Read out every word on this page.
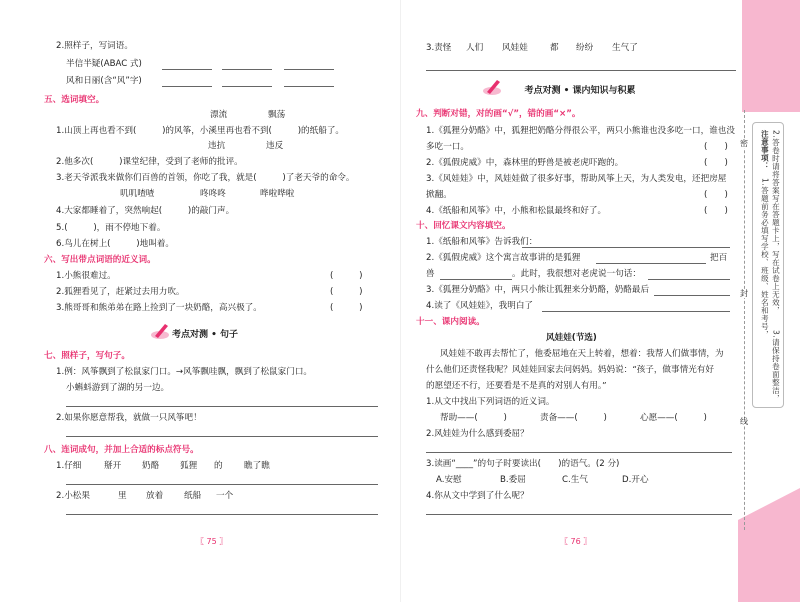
2.照样子，写词语。
半信半疑(ABAC 式)
风和日丽(含“风”字)
五、选词填空。
漂流	飘荡
1.山顶上再也看不到(　　　)的风筝，小溪里再也看不到(　　　)的纸船了。
违抗	违反
2.他多次(　　　)课堂纪律，受到了老师的批评。
3.老天爷派我来做你们百兽的首领，你吃了我，就是(　　　)了老天爷的命令。
叽叽喳喳	咚咚咚	哗啦哗啦
4.大家都睡着了，突然响起(　　　)的敲门声。
5.(　　　)，雨不停地下着。
6.鸟儿在树上(　　　)地叫着。
六、写出带点词语的近义词。
1.小熊很难过。	(　　　)
2.狐狸看见了，赶紧过去用力吹。	(　　　)
3.熊哥哥和熊弟弟在路上捡到了一块奶酪，高兴极了。	(　　　)
考点对测 • 句子
七、照样子，写句子。
1.例：风筝飘到了松鼠家门口。→风筝飘哇飘，飘到了松鼠家门口。
小蝌蚪游到了湖的另一边。
2.如果你愿意帮我，就做一只风筝吧！
八、连词成句，并加上合适的标点符号。
1.仔细	掰开 奶酪 狐狸 的 瞧了瞧
2.小松果	里 放着 纸船 一个
〖 75 〗
3.责怪 人们 风娃娃	都 纷纷 生气了
考点对测 • 课内知识与积累
九、判断对错，对的画“√”，错的画“×”。
1.《狐狸分奶酪》中，狐狸把奶酪分得很公平，两只小熊谁也没多吃一口，谁也没
多吃一口。	(　　)
2.《狐假虎威》中，森林里的野兽是被老虎吓跑的。	(　　)
3.《风娃娃》中，风娃娃做了很多好事，帮助风筝上天，为人类发电，还把房屋
掀翻。	(　　)
4.《纸船和风筝》中，小熊和松鼠最终和好了。	(　　)
十、回忆课文内容填空。
1.《纸船和风筝》告诉我们：
2.《狐假虎威》这个寓言故事讲的是狐狸	把百
兽	。此时，我很想对老虎说一句话：
3.《狐狸分奶酪》中，两只小熊让狐狸来分奶酪，奶酪最后
4.读了《风娃娃》，我明白了
十一、课内阅读。
风娃娃(节选)
风娃娃不敢再去帮忙了，他委屈地在天上转着，想着：我帮人们做事情，为
什么他们还责怪我呢？风娃娃回家去问妈妈。妈妈说：“孩子，做事情光有好
的愿望还不行，还要看是不是真的对别人有用。”
1.从文中找出下列词语的近义词。
帮助——(　　　)	责备——(　　　)	心愿——(　　　)
2.风娃娃为什么感到委屈？
3.读画“____”的句子时要读出(　　)的语气。(2 分)
A.安慰	B.委屈	C.生气	D.开心
4.你从文中学到了什么呢？
〖 76 〗
注意事项：
1.答题前务必填写学校、班级、姓名和考号， 2.答卷时请将答案写在答题卡上，写在试卷上无效，
3.请保持卷面整洁，
密
封
线
